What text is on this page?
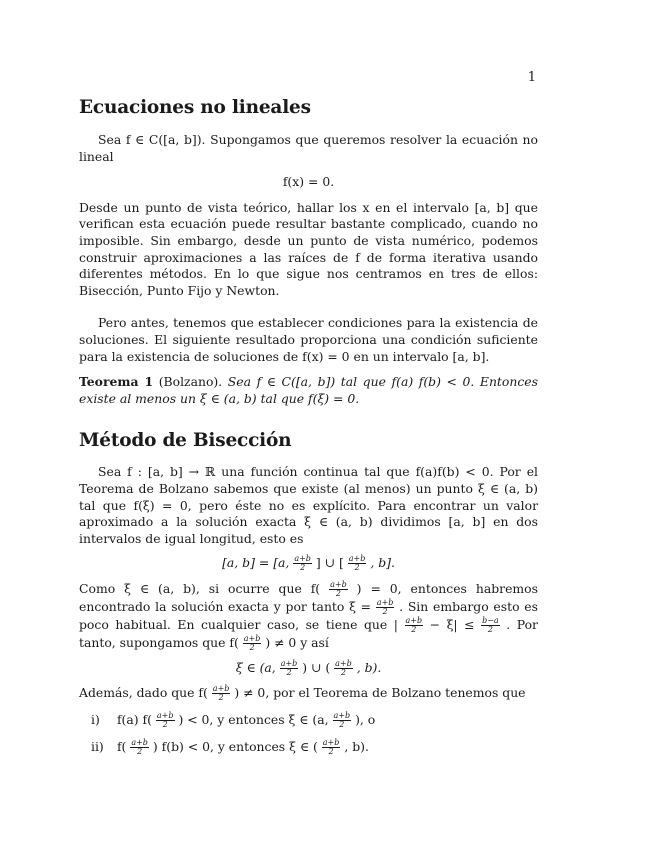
1
Ecuaciones no lineales

Sea f ∈ C([a, b]). Supongamos que queremos resolver la ecuación no lineal

f(x) = 0.

Desde un punto de vista teórico, hallar los x en el intervalo [a, b] que verifican esta ecuación puede resultar bastante complicado, cuando no imposible. Sin embargo, desde un punto de vista numérico, podemos construir aproximaciones a las raíces de f de forma iterativa usando diferentes métodos. En lo que sigue nos centramos en tres de ellos: Bisección, Punto Fijo y Newton.

Pero antes, tenemos que establecer condiciones para la existencia de soluciones. El siguiente resultado proporciona una condición suficiente para la existencia de soluciones de f(x) = 0 en un intervalo [a, b].

Teorema 1 (Bolzano). Sea f ∈ C([a, b]) tal que f(a) f(b) < 0. Entonces existe al menos un ξ ∈ (a, b) tal que f(ξ) = 0.

Método de Bisección

Sea f : [a, b] → ℝ una función continua tal que f(a)f(b) < 0. Por el Teorema de Bolzano sabemos que existe (al menos) un punto ξ ∈ (a, b) tal que f(ξ) = 0, pero éste no es explícito. Para encontrar un valor aproximado a la solución exacta ξ ∈ (a, b) dividimos [a, b] en dos intervalos de igual longitud, esto es

[a, b] = [a, $\frac{a+b}{2}$ ] ∪ [ $\frac{a+b}{2}$ , b].

Como ξ ∈ (a, b), si ocurre que $f( \frac{a+b}{2}$ ) = 0, entonces habremos encontrado la solución exacta y por tanto $\xi = \frac{a+b}{2}$ . Sin embargo esto es poco habitual. En cualquier caso, se tiene que | $\frac{a+b}{2} - \xi| \le \frac{b-a}{2}$ . Por tanto, supongamos que $f( \frac{a+b}{2}$ ) ≠ 0 y así

ξ ∈ (a, $\frac{a+b}{2}$ ) ∪ ( $\frac{a+b}{2}$ , b).

Además, dado que $f( \frac{a+b}{2}$ ) ≠ 0, por el Teorema de Bolzano tenemos que

i) f(a) $f( \frac{a+b}{2}$ ) < 0, y entonces ξ ∈ (a, $\frac{a+b}{2}$ ), o

ii) $f( \frac{a+b}{2}$ ) f(b) < 0, y entonces ξ ∈ ( $\frac{a+b}{2}$ , b).
